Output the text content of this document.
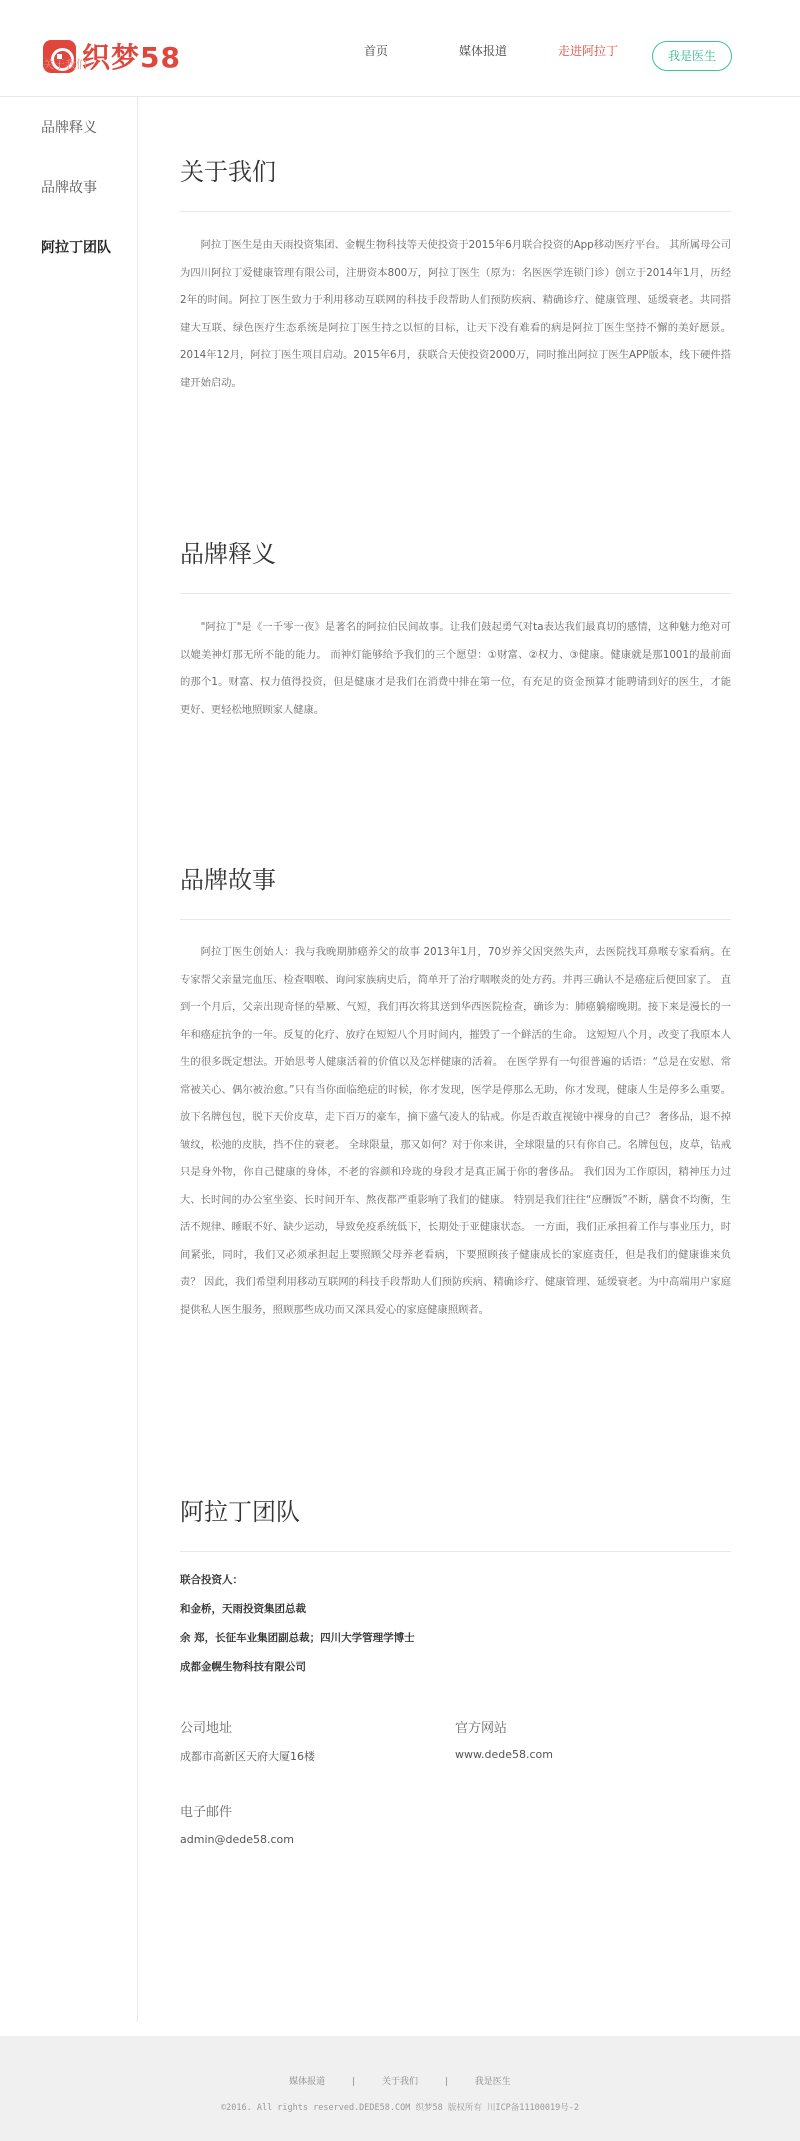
织梦58
关于我们
首页	媒体报道	走进阿拉丁	我是医生
品牌释义
品牌故事
阿拉丁团队
关于我们

阿拉丁医生是由天雨投资集团、金幌生物科技等天使投资于2015年6月联合投资的App移动医疗平台。 其所属母公司为四川阿拉丁爱健康管理有限公司，注册资本800万，阿拉丁医生（原为：名医医学连锁门诊）创立于2014年1月，历经2年的时间。阿拉丁医生致力于利用移动互联网的科技手段帮助人们预防疾病、精确诊疗、健康管理、延缓衰老。共同搭建大互联、绿色医疗生态系统是阿拉丁医生持之以恒的目标，让天下没有难看的病是阿拉丁医生坚持不懈的美好愿景。 2014年12月，阿拉丁医生项目启动。2015年6月，获联合天使投资2000万，同时推出阿拉丁医生APP版本，线下硬件搭建开始启动。

品牌释义

"阿拉丁"是《一千零一夜》是著名的阿拉伯民间故事。让我们鼓起勇气对ta表达我们最真切的感情，这种魅力绝对可以媲美神灯那无所不能的能力。 而神灯能够给予我们的三个愿望：①财富、②权力、③健康。健康就是那1001的最前面的那个1。财富、权力值得投资，但是健康才是我们在消费中排在第一位，有充足的资金预算才能聘请到好的医生，才能更好、更轻松地照顾家人健康。

品牌故事

阿拉丁医生创始人：我与我晚期肺癌养父的故事 2013年1月，70岁养父因突然失声，去医院找耳鼻喉专家看病。在专家帮父亲量完血压、检查咽喉、询问家族病史后，简单开了治疗咽喉炎的处方药。并再三确认不是癌症后便回家了。 直到一个月后，父亲出现奇怪的晕厥、气短，我们再次将其送到华西医院检查，确诊为：肺癌躺瘤晚期。接下来是漫长的一年和癌症抗争的一年。反复的化疗、放疗在短短八个月时间内，摧毁了一个鲜活的生命。 这短短八个月，改变了我原本人生的很多既定想法。开始思考人健康活着的价值以及怎样健康的活着。 在医学界有一句很普遍的话语：“总是在安慰、常常被关心、偶尔被治愈。”只有当你面临绝症的时候，你才发现，医学是停那么无助，你才发现，健康人生是停多么重要。 放下名牌包包，脱下天价皮草，走下百万的豪车，摘下盛气凌人的钻戒。你是否敢直视镜中裸身的自己？ 奢侈品，退不掉皱纹，松弛的皮肤，挡不住的衰老。 全球限量，那又如何？对于你来讲，全球限量的只有你自己。名牌包包，皮草，钻戒只是身外物，你自己健康的身体，不老的容颜和玲珑的身段才是真正属于你的奢侈品。 我们因为工作原因，精神压力过大、长时间的办公室坐姿、长时间开车、熬夜都严重影响了我们的健康。 特别是我们往往“应酬饭”不断，膳食不均衡，生活不规律、睡眠不好、缺少运动，导致免疫系统低下，长期处于亚健康状态。 一方面，我们正承担着工作与事业压力，时间紧张，同时，我们又必须承担起上要照顾父母养老看病，下要照顾孩子健康成长的家庭责任，但是我们的健康谁来负责？ 因此，我们希望利用移动互联网的科技手段帮助人们预防疾病、精确诊疗、健康管理、延缓衰老。为中高端用户家庭提供私人医生服务，照顾那些成功而又深具爱心的家庭健康照顾者。

阿拉丁团队
联合投资人：
和金桥，天雨投资集团总裁
余 郑，长征车业集团副总裁；四川大学管理学博士
成都金幌生物科技有限公司
公司地址
成都市高新区天府大厦16楼
官方网站
www.dede58.com
电子邮件
admin@dede58.com
媒体报道	|	关于我们	|	我是医生
©2016. All rights reserved.DEDE58.COM 织梦58 版权所有 川ICP备11100019号-2
